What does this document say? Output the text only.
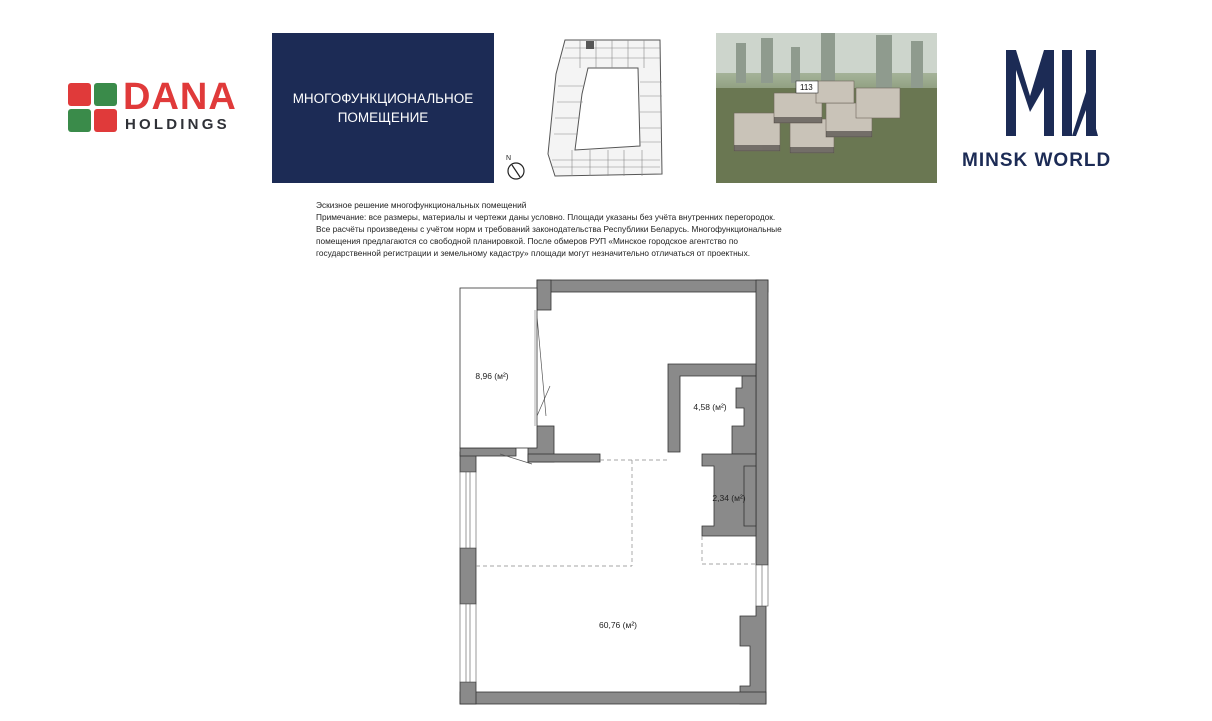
DANA
HOLDINGS
МНОГОФУНКЦИОНАЛЬНОЕ
ПОМЕЩЕНИЕ
N
113
MINSK WORLD
Эскизное решение многофункциональных помещений
Примечание: все размеры, материалы и чертежи даны условно. Площади указаны без учёта внутренних перегородок.
Все расчёты произведены с учётом норм и требований законодательства Республики Беларусь. Многофункциональные
помещения предлагаются со свободной планировкой. После обмеров РУП «Минское городское агентство по
государственной регистрации и земельному кадастру» площади могут незначительно отличаться от проектных.
8,96 (м²)
4,58 (м²)
2,34 (м²)
60,76 (м²)
